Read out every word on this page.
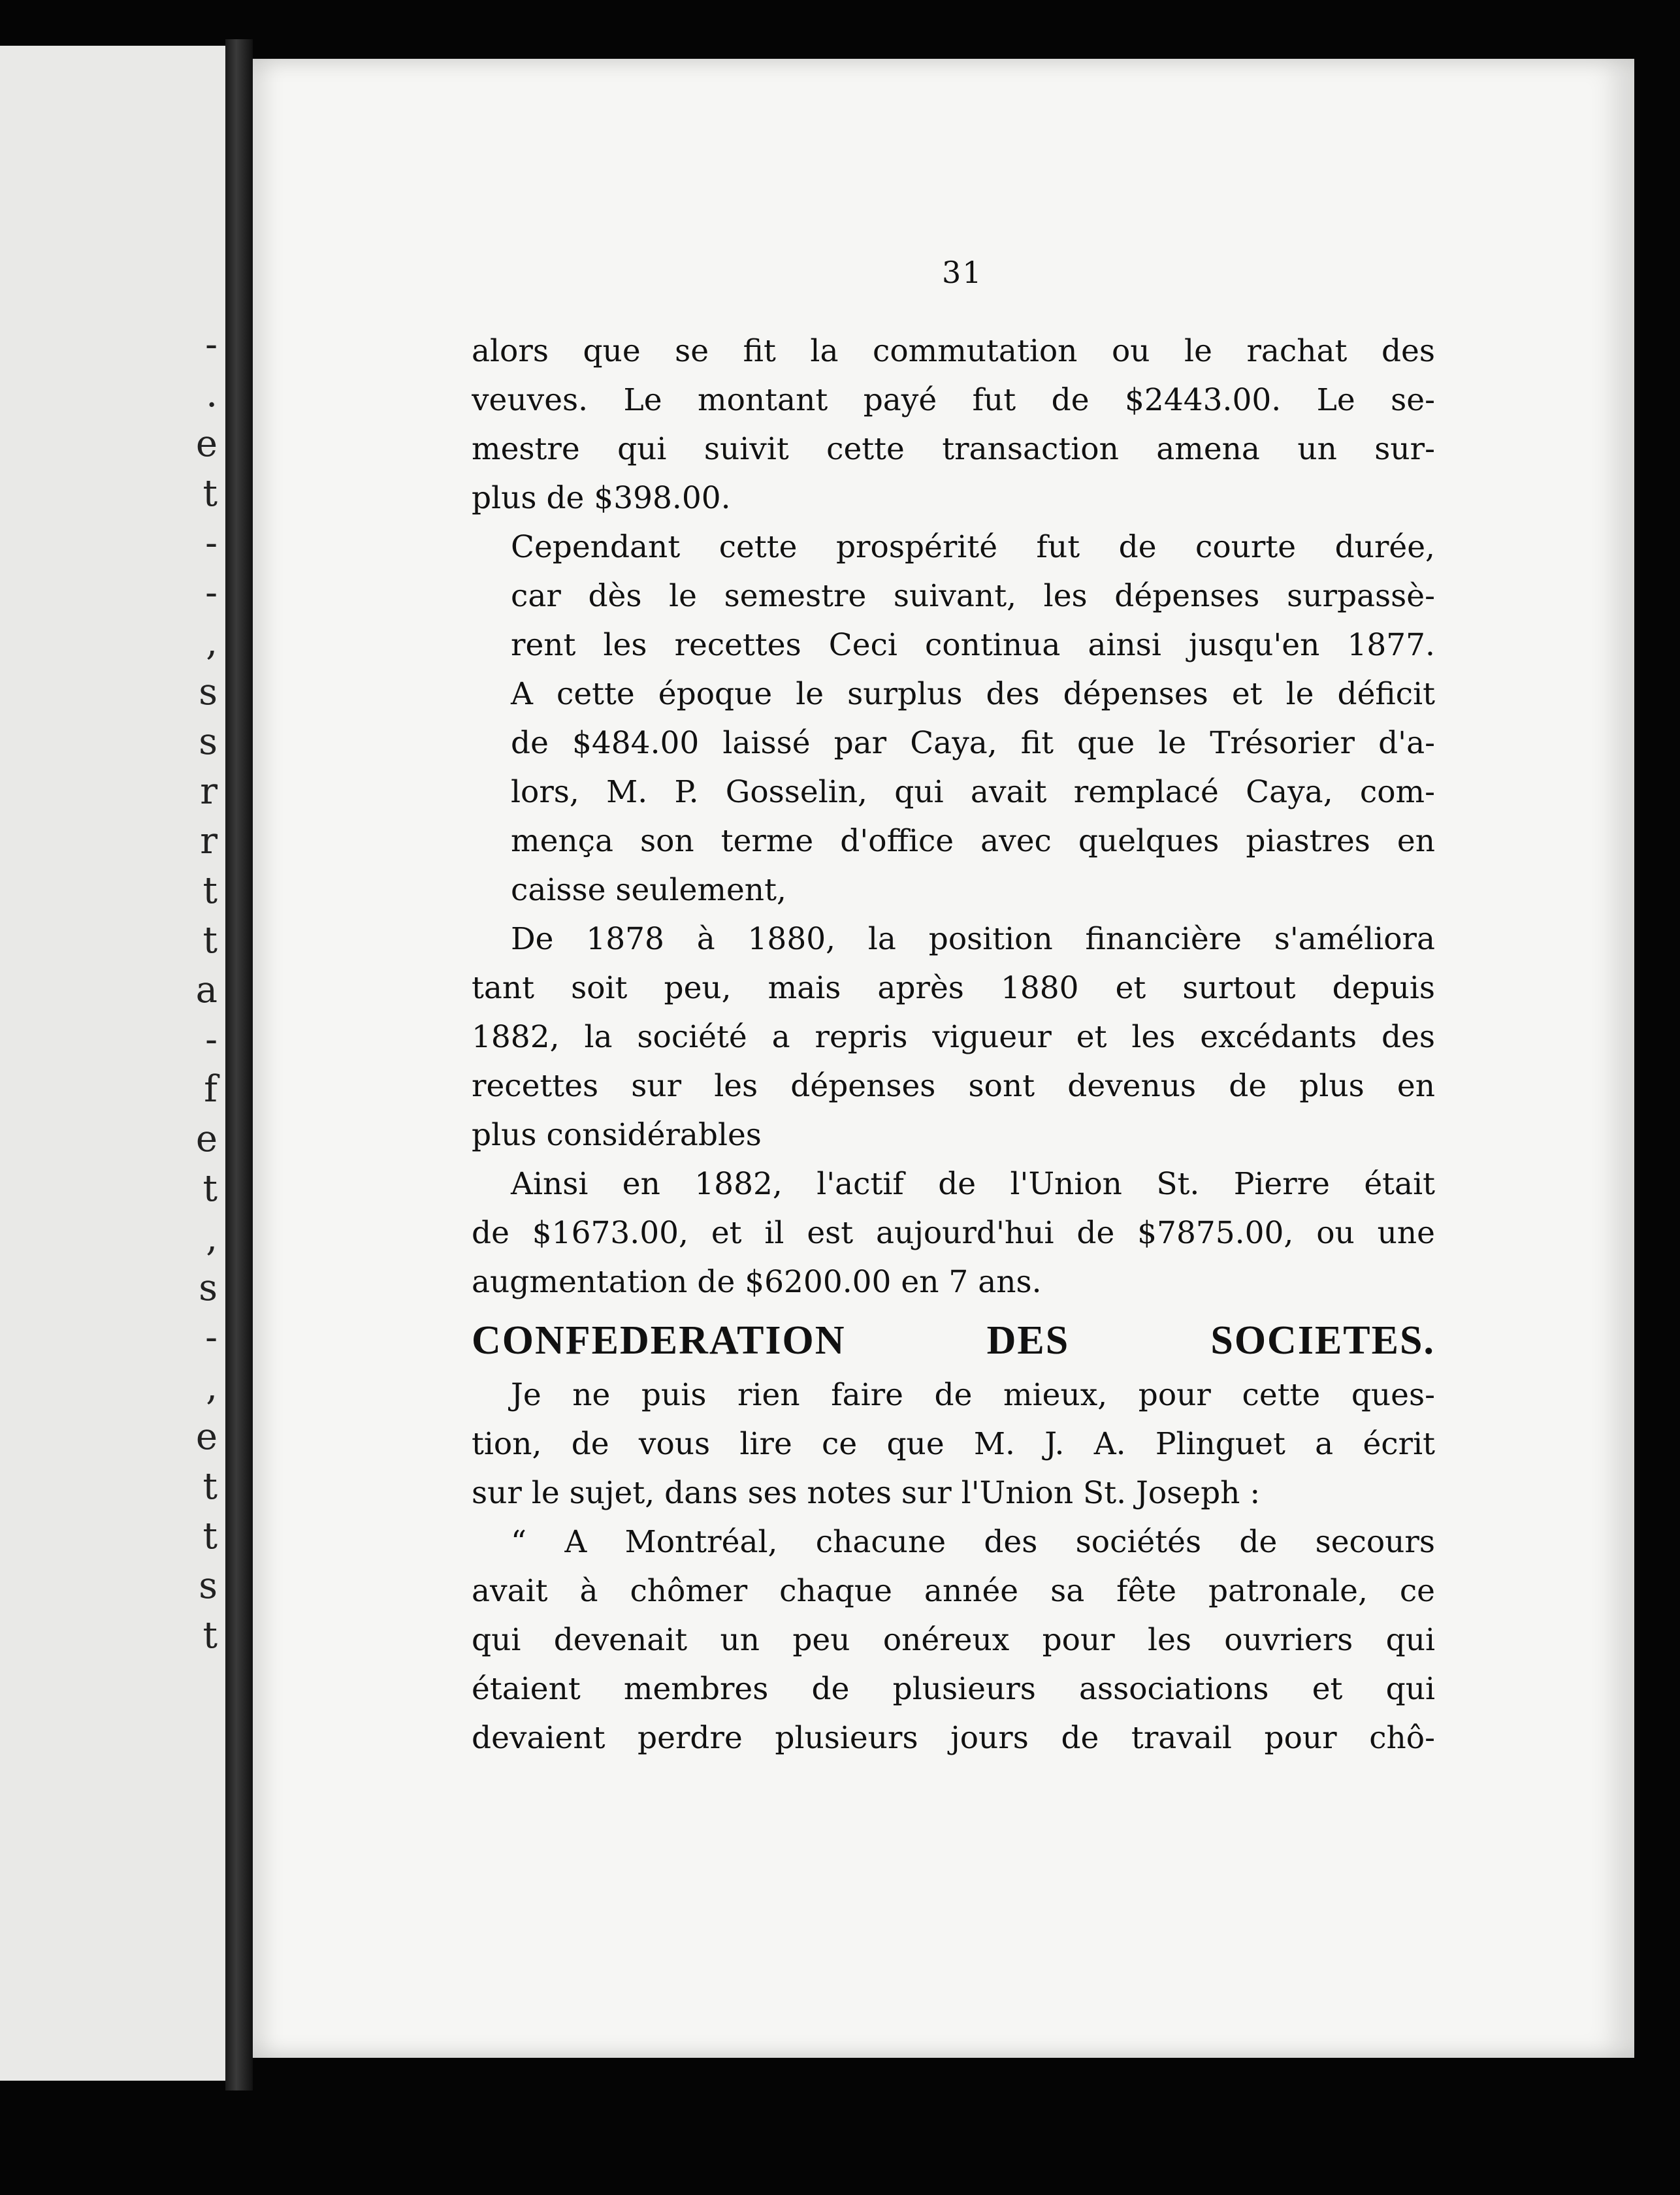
-
.
e
t
-
-
,
s
s
r
r
t
t
a
-
f
e
t
,
s
-
,
e
t
t
s
t
31
alors que se fit la commutation ou le rachat des
veuves. Le montant payé fut de $2443.00. Le se-
mestre qui suivit cette transaction amena un sur-
plus de $398.00.
Cependant cette prospérité fut de courte durée,
car dès le semestre suivant, les dépenses surpassè-
rent les recettes Ceci continua ainsi jusqu'en 1877.
A cette époque le surplus des dépenses et le déficit
de $484.00 laissé par Caya, fit que le Trésorier d'a-
lors, M. P. Gosselin, qui avait remplacé Caya, com-
mença son terme d'office avec quelques piastres en
caisse seulement,
De 1878 à 1880, la position financière s'améliora
tant soit peu, mais après 1880 et surtout depuis
1882, la société a repris vigueur et les excédants des
recettes sur les dépenses sont devenus de plus en
plus considérables
Ainsi en 1882, l'actif de l'Union St. Pierre était
de $1673.00, et il est aujourd'hui de $7875.00, ou une
augmentation de $6200.00 en 7 ans.
CONFEDERATION DES SOCIETES.
Je ne puis rien faire de mieux, pour cette ques-
tion, de vous lire ce que M. J. A. Plinguet a écrit
sur le sujet, dans ses notes sur l'Union St. Joseph :
“ A Montréal, chacune des sociétés de secours
avait à chômer chaque année sa fête patronale, ce
qui devenait un peu onéreux pour les ouvriers qui
étaient membres de plusieurs associations et qui
devaient perdre plusieurs jours de travail pour chô-
